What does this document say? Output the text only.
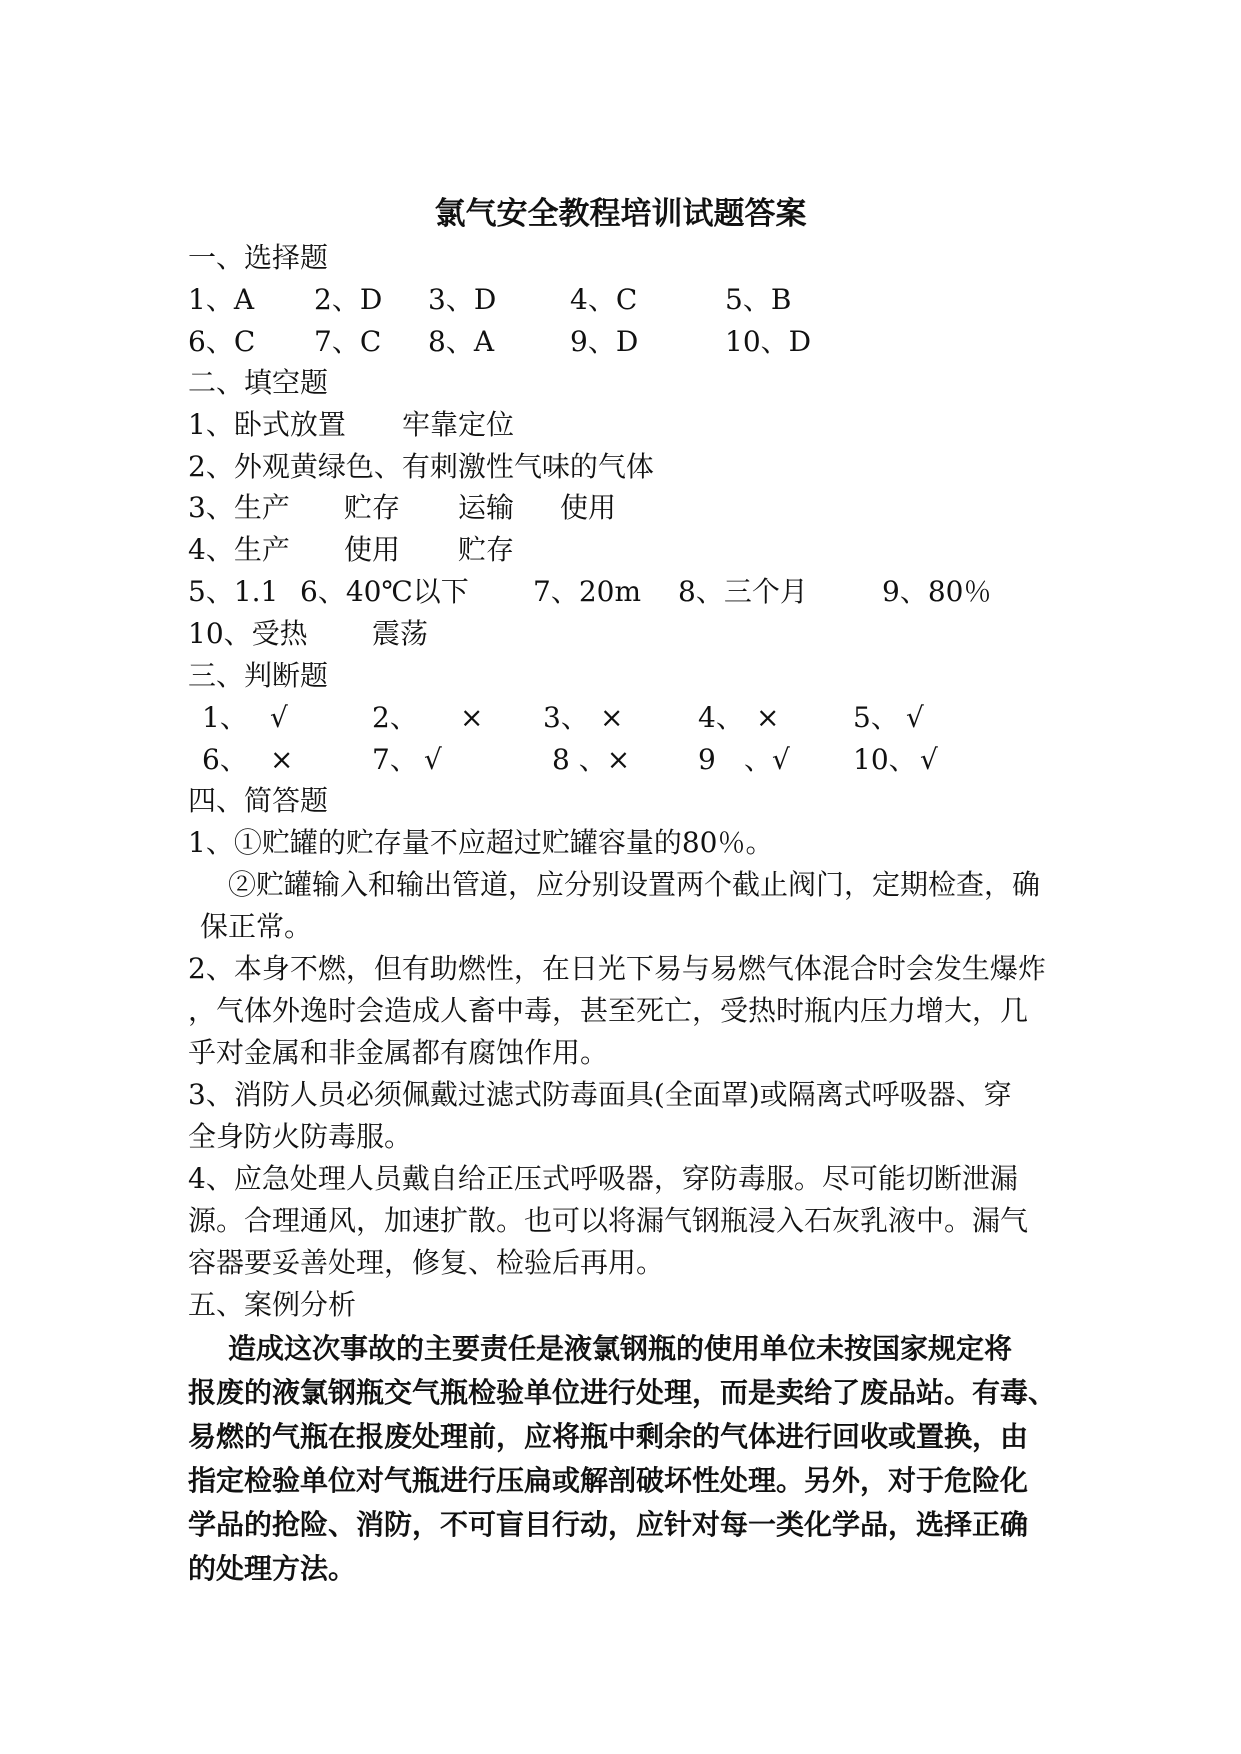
氯气安全教程培训试题答案
一、选择题
1、A 2、D 3、D	4、C	5、B
6、C 7、C 8、A	9、D	10、D
二、填空题
1、卧式放置 牢靠定位
2、外观黄绿色、有刺激性气味的气体
3、生产 贮存 运输 使用
4、生产 使用 贮存
5、1.1 6、40℃以下 7、20m 8、三个月	9、80％
10、受热 震荡
三、判断题
1、 √	2、 × 3、 ×	4、 ×	5、 √
6、 ×	7、 √	8 、× 9 、√ 10、 √
四、简答题
1、①贮罐的贮存量不应超过贮罐容量的80％。
②贮罐输入和输出管道，应分别设置两个截止阀门，定期检查，确
保正常。
2、本身不燃，但有助燃性，在日光下易与易燃气体混合时会发生爆炸
，气体外逸时会造成人畜中毒，甚至死亡，受热时瓶内压力增大，几
乎对金属和非金属都有腐蚀作用。
3、消防人员必须佩戴过滤式防毒面具(全面罩)或隔离式呼吸器、穿
全身防火防毒服。
4、应急处理人员戴自给正压式呼吸器，穿防毒服。尽可能切断泄漏
源。合理通风，加速扩散。也可以将漏气钢瓶浸入石灰乳液中。漏气
容器要妥善处理，修复、检验后再用。
五、案例分析
造成这次事故的主要责任是液氯钢瓶的使用单位未按国家规定将
报废的液氯钢瓶交气瓶检验单位进行处理，而是卖给了废品站。有毒、
易燃的气瓶在报废处理前，应将瓶中剩余的气体进行回收或置换，由
指定检验单位对气瓶进行压扁或解剖破坏性处理。另外，对于危险化
学品的抢险、消防，不可盲目行动，应针对每一类化学品，选择正确
的处理方法。
